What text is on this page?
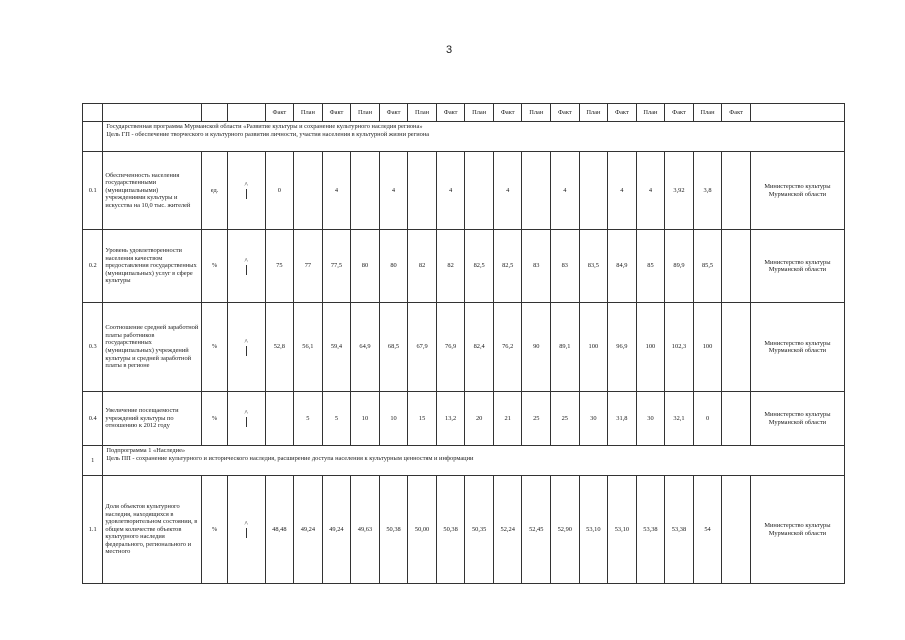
3
				Факт	План	Факт	План	Факт	План	Факт	План	Факт	План	Факт	План	Факт	План	Факт	План	Факт	

	Государственная программа Мурманской области «Развитие культуры и сохранение культурного наследия региона»
Цель ГП - обеспечение творческого и культурного развития личности, участия населения в культурной жизни региона																				

0.1	Обеспеченность населения государственными (муниципальными) учреждениями культуры и искусства на 10,0 тыс. жителей	ед.	^	0		4		4		4		4		4		4	4	3,92	3,8		Министерство культуры Мурманской области
0.2	Уровень удовлетворенности населения качеством предоставления государственных (муниципальных) услуг в сфере культуры	%	^	75	77	77,5	80	80	82	82	82,5	82,5	83	83	83,5	84,9	85	89,9	85,5		Министерство культуры Мурманской области
0.3	Соотношение средней заработной платы работников государственных (муниципальных) учреждений культуры и средней заработной платы в регионе	%	^	52,8	56,1	59,4	64,9	68,5	67,9	76,9	82,4	76,2	90	89,1	100	96,9	100	102,3	100		Министерство культуры Мурманской области
0.4	Увеличение посещаемости учреждений культуры по отношению к 2012 году	%	^		5	5	10	10	15	13,2	20	21	25	25	30	31,8	30	32,1	0		Министерство культуры Мурманской области
1	Подпрограмма 1 «Наследие»
Цель ПП - сохранение культурного и исторического наследия, расширение доступа населения к культурным ценностям и информации																				

1.1	Доля объектов культурного наследия, находящихся в удовлетворительном состоянии, в общем количестве объектов культурного наследия федерального, регионального и местного	%	^	48,48	49,24	49,24	49,63	50,38	50,00	50,38	50,35	52,24	52,45	52,90	53,10	53,10	53,38	53,38	54		Министерство культуры Мурманской области
